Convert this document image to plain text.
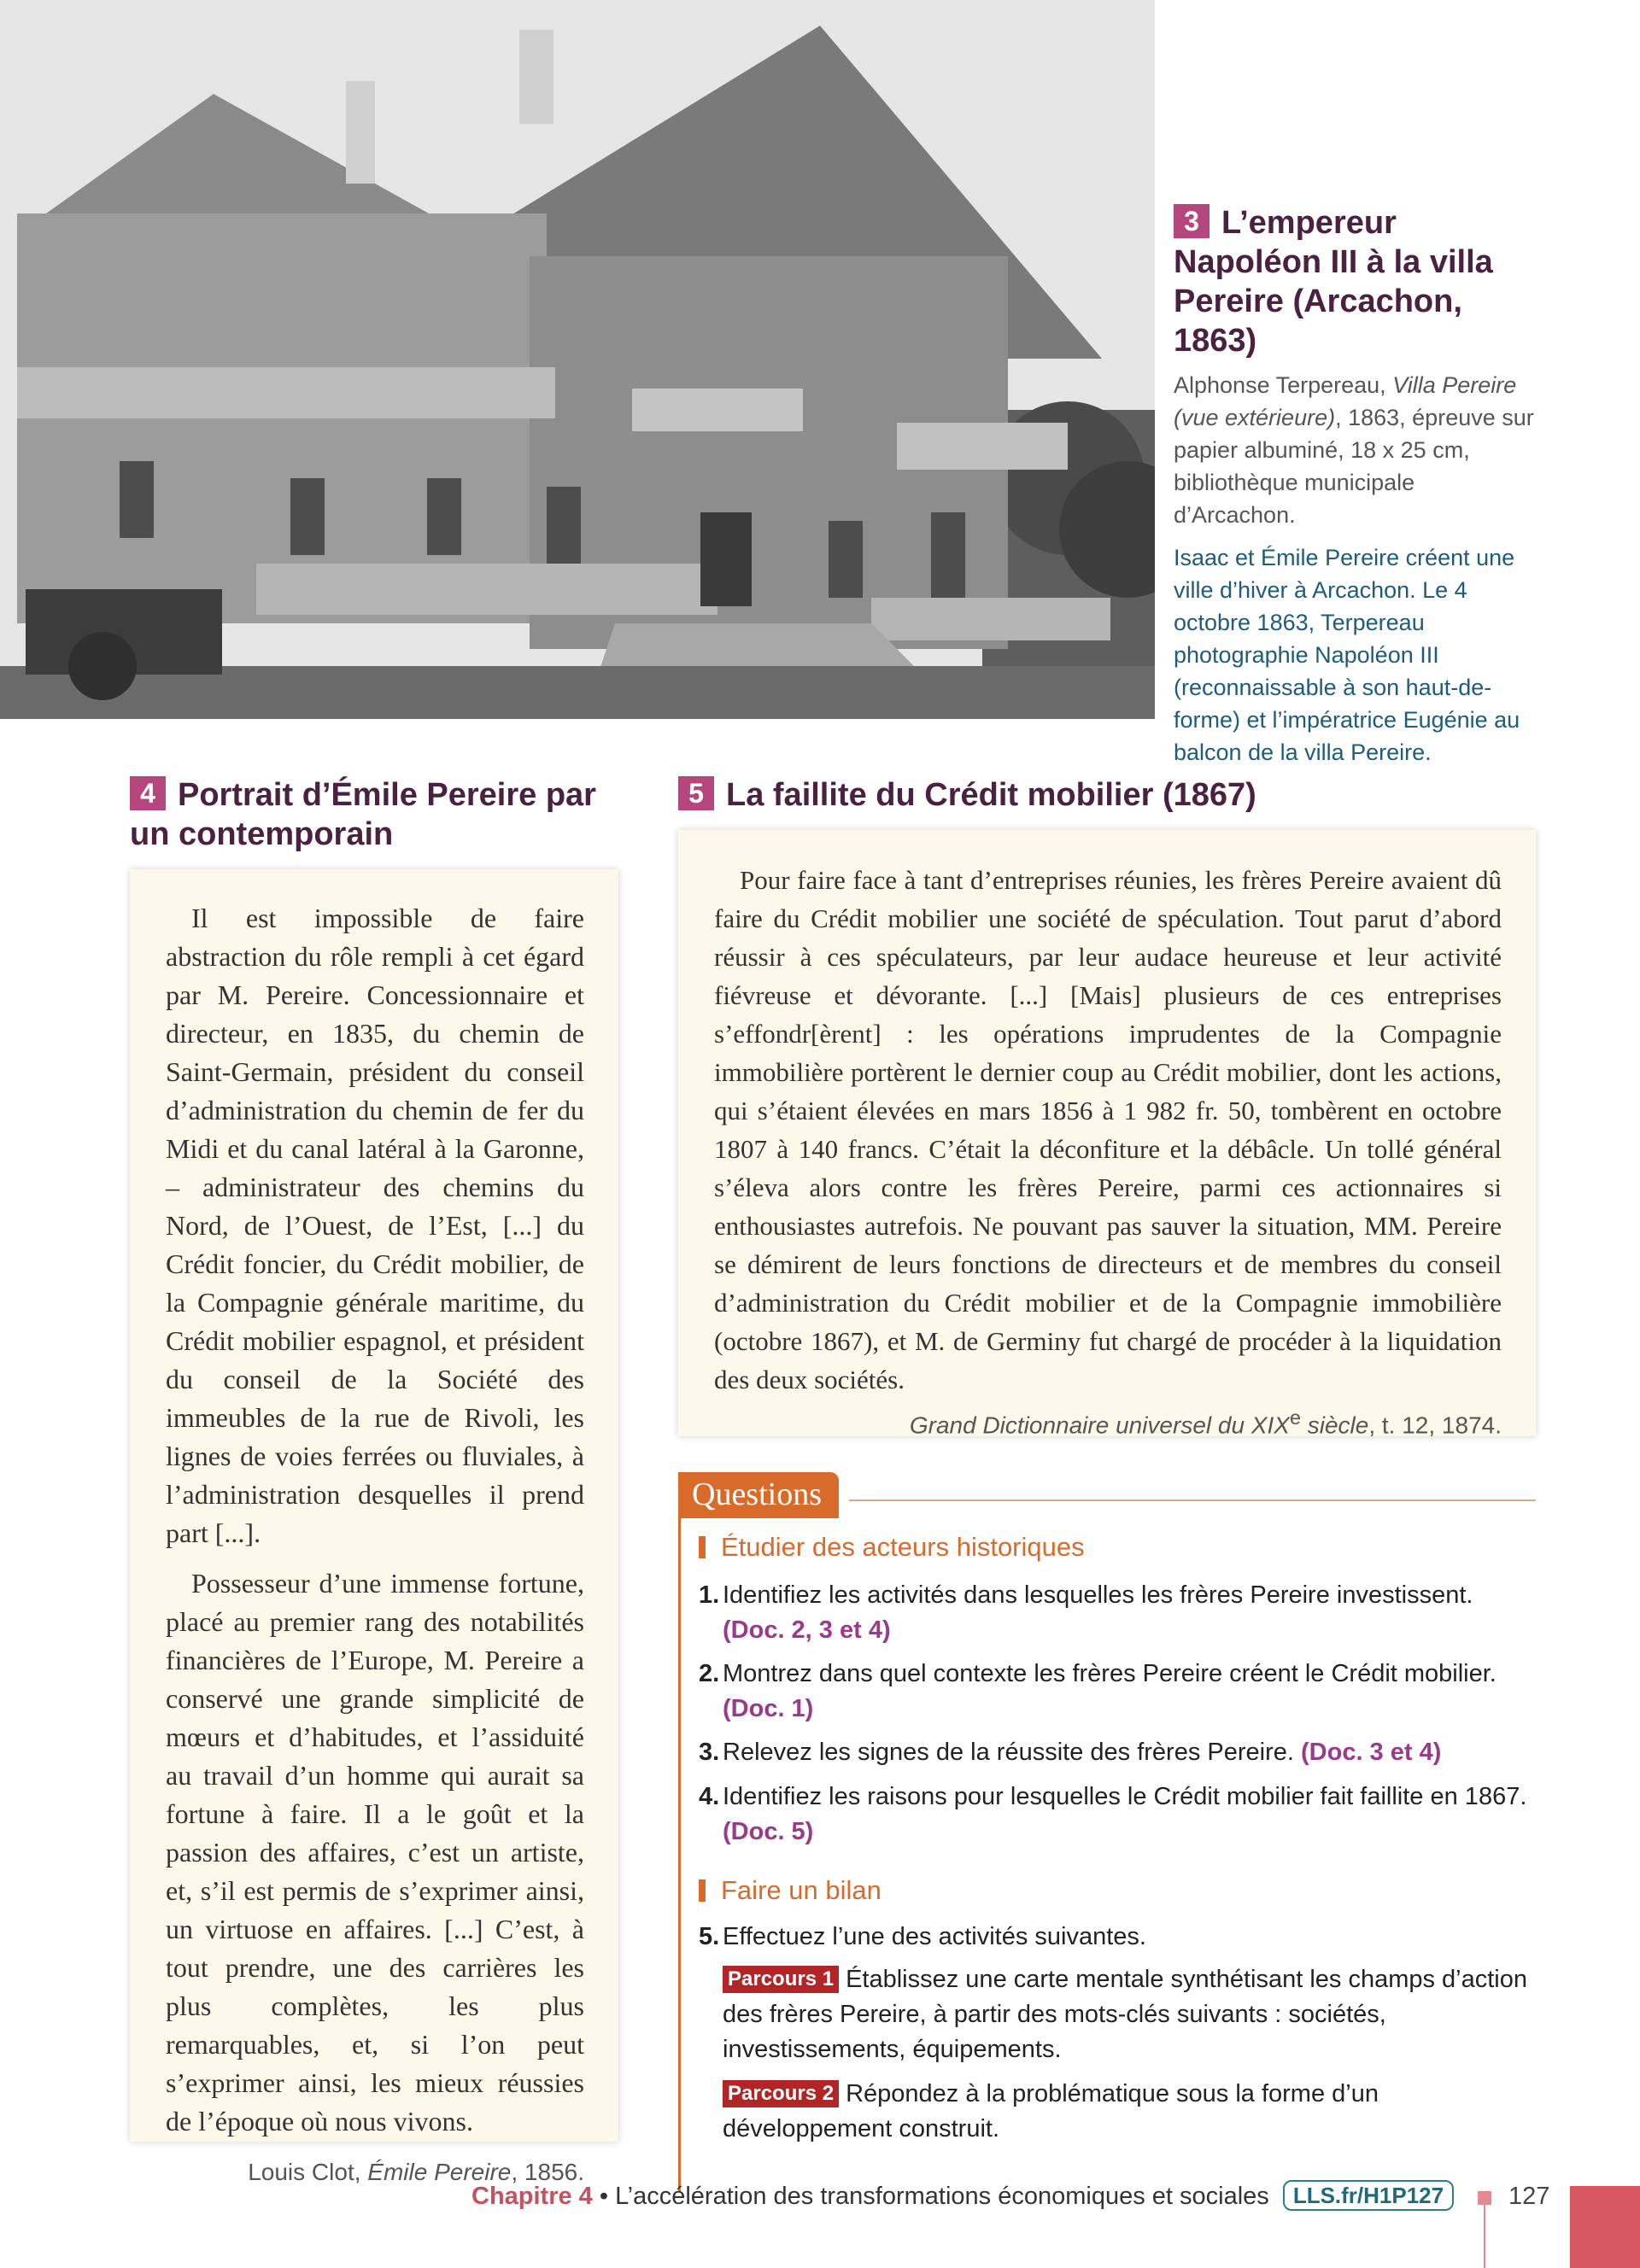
3 L’empereur Napoléon III à la villa Pereire (Arcachon, 1863)
Alphonse Terpereau, Villa Pereire (vue extérieure), 1863, épreuve sur papier albuminé, 18 x 25 cm, bibliothèque municipale d’Arcachon.
Isaac et Émile Pereire créent une ville d’hiver à Arcachon. Le 4 octobre 1863, Terpereau photographie Napoléon III (reconnaissable à son haut-de-forme) et l’impératrice Eugénie au balcon de la villa Pereire.
4 Portrait d’Émile Pereire par un contemporain

Il est impossible de faire abstraction du rôle rempli à cet égard par M. Pereire. Concessionnaire et directeur, en 1835, du chemin de Saint-Germain, président du conseil d’administration du chemin de fer du Midi et du canal latéral à la Garonne, – administrateur des chemins du Nord, de l’Ouest, de l’Est, [...] du Crédit foncier, du Crédit mobilier, de la Compagnie générale maritime, du Crédit mobilier espagnol, et président du conseil de la Société des immeubles de la rue de Rivoli, les lignes de voies ferrées ou fluviales, à l’administration desquelles il prend part [...].

Possesseur d’une immense fortune, placé au premier rang des notabilités financières de l’Europe, M. Pereire a conservé une grande simplicité de mœurs et d’habitudes, et l’assiduité au travail d’un homme qui aurait sa fortune à faire. Il a le goût et la passion des affaires, c’est un artiste, et, s’il est permis de s’exprimer ainsi, un virtuose en affaires. [...] C’est, à tout prendre, une des carrières les plus complètes, les plus remarquables, et, si l’on peut s’exprimer ainsi, les mieux réussies de l’époque où nous vivons.

Louis Clot, Émile Pereire, 1856.

5 La faillite du Crédit mobilier (1867)

Pour faire face à tant d’entreprises réunies, les frères Pereire avaient dû faire du Crédit mobilier une société de spéculation. Tout parut d’abord réussir à ces spéculateurs, par leur audace heureuse et leur activité fiévreuse et dévorante. [...] [Mais] plusieurs de ces entreprises s’effondr[èrent] : les opérations imprudentes de la Compagnie immobilière portèrent le dernier coup au Crédit mobilier, dont les actions, qui s’étaient élevées en mars 1856 à 1 982 fr. 50, tombèrent en octobre 1807 à 140 francs. C’était la déconfiture et la débâcle. Un tollé général s’éleva alors contre les frères Pereire, parmi ces actionnaires si enthousiastes autrefois. Ne pouvant pas sauver la situation, MM. Pereire se démirent de leurs fonctions de directeurs et de membres du conseil d’administration du Crédit mobilier et de la Compagnie immobilière (octobre 1867), et M. de Germiny fut chargé de procéder à la liquidation des deux sociétés.

Grand Dictionnaire universel du XIXe siècle, t. 12, 1874.

Questions
Étudier des acteurs historiques
1. Identifiez les activités dans lesquelles les frères Pereire investissent.
(Doc. 2, 3 et 4)
2. Montrez dans quel contexte les frères Pereire créent le Crédit mobilier.
(Doc. 1)
3. Relevez les signes de la réussite des frères Pereire. (Doc. 3 et 4)
4. Identifiez les raisons pour lesquelles le Crédit mobilier fait faillite en 1867. (Doc. 5)
Faire un bilan
5. Effectuez l’une des activités suivantes.
Parcours 1 Établissez une carte mentale synthétisant les champs d’action des frères Pereire, à partir des mots-clés suivants : sociétés, investissements, équipements.
Parcours 2 Répondez à la problématique sous la forme d’un développement construit.
Chapitre 4 • L’accélération des transformations économiques et sociales LLS.fr/H1P127	127
